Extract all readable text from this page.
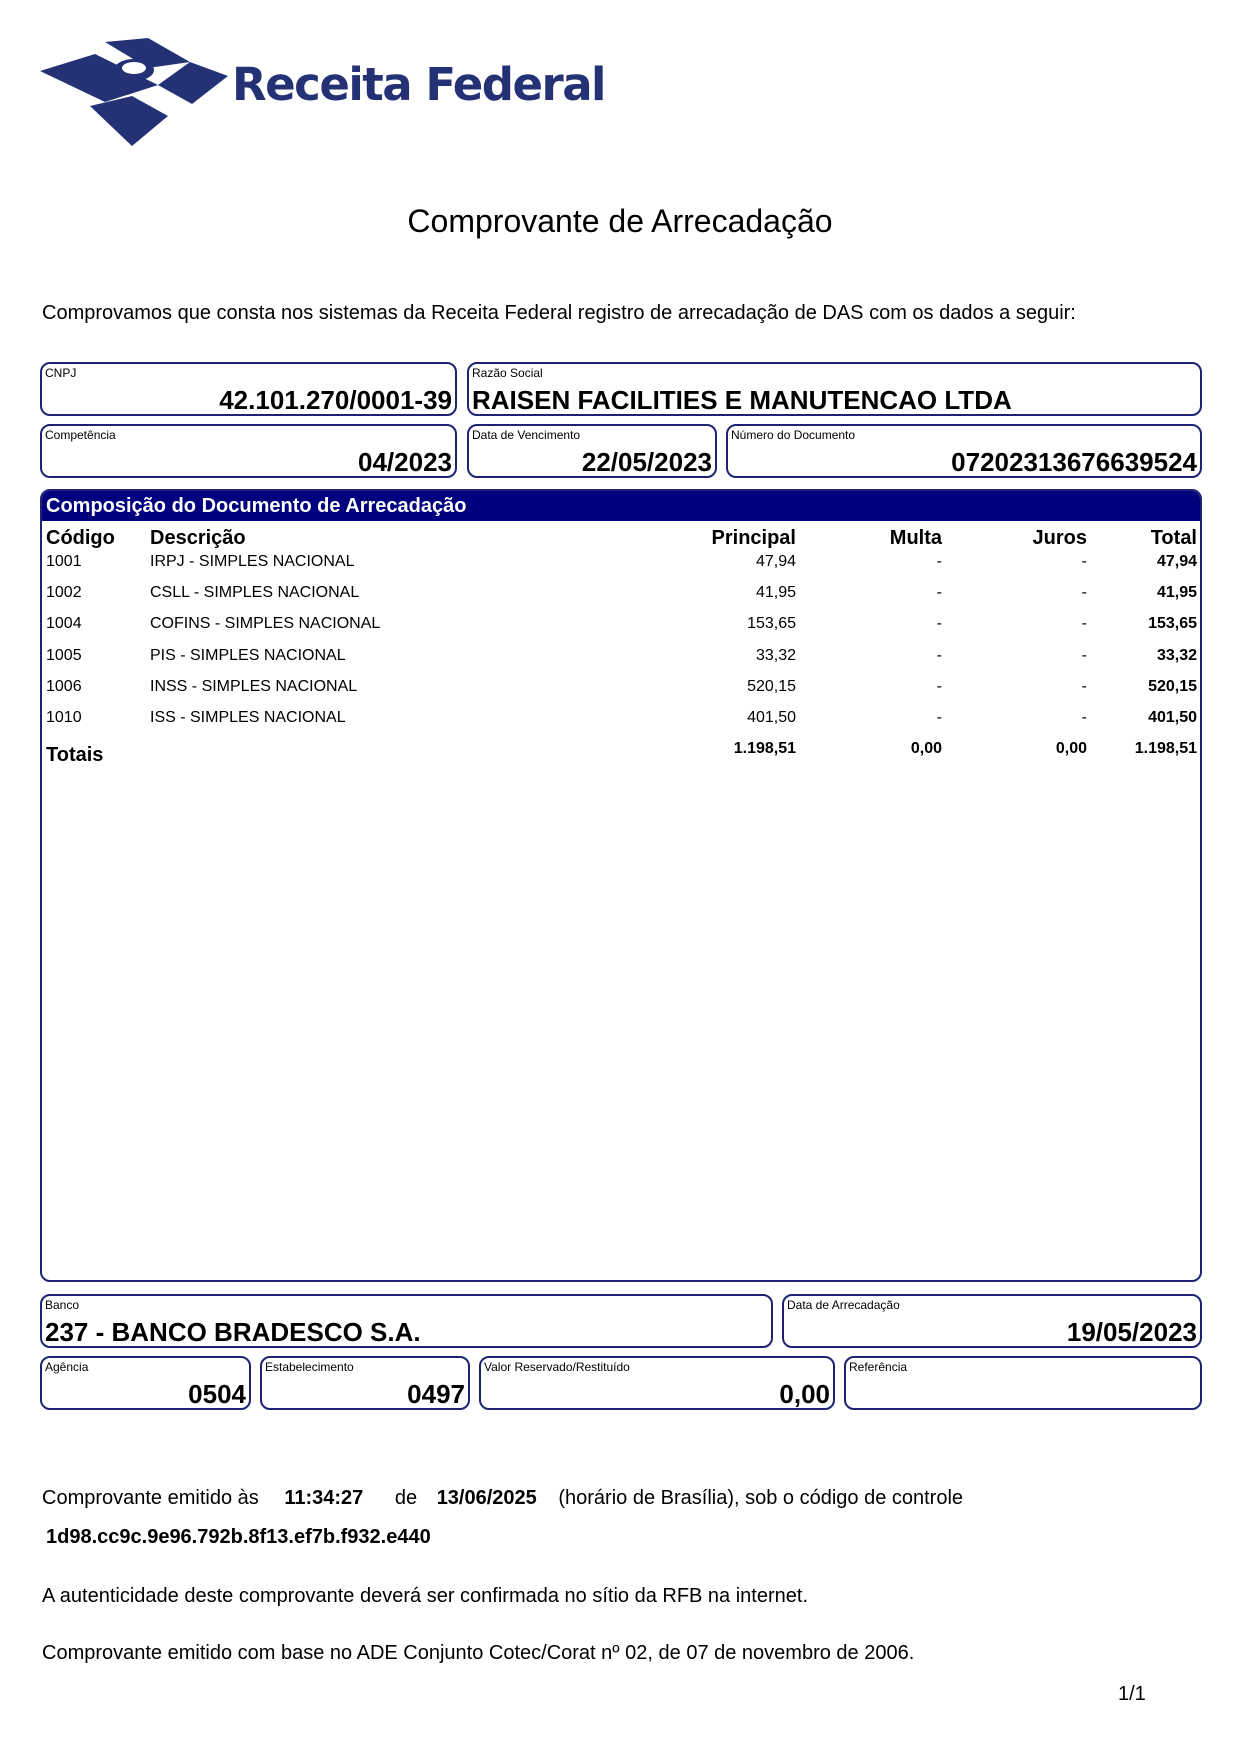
Receita Federal
Comprovante de Arrecadação
Comprovamos que consta nos sistemas da Receita Federal registro de arrecadação de DAS com os dados a seguir:
CNPJ
42.101.270/0001-39
Razão Social
RAISEN FACILITIES E MANUTENCAO LTDA
Competência
04/2023
Data de Vencimento
22/05/2023
Número do Documento
07202313676639524
Composição do Documento de Arrecadação
Código Descrição	Principal	Multa	Juros	Total
1001	IRPJ - SIMPLES NACIONAL	47,94	-	-	47,94
1002	CSLL - SIMPLES NACIONAL	41,95	-	-	41,95
1004	COFINS - SIMPLES NACIONAL	153,65	-	-	153,65
1005	PIS - SIMPLES NACIONAL	33,32	-	-	33,32
1006	INSS - SIMPLES NACIONAL	520,15	-	-	520,15
1010	ISS - SIMPLES NACIONAL	401,50	-	-	401,50
Totais	1.198,51	0,00	0,00	1.198,51
Banco
237 - BANCO BRADESCO S.A.
Data de Arrecadação
19/05/2023
Agência
0504
Estabelecimento
0497
Valor Reservado/Restituído
0,00
Referência
Comprovante emitido às 11:34:27 de 13/06/2025 (horário de Brasília), sob o código de controle
1d98.cc9c.9e96.792b.8f13.ef7b.f932.e440
A autenticidade deste comprovante deverá ser confirmada no sítio da RFB na internet.
Comprovante emitido com base no ADE Conjunto Cotec/Corat nº 02, de 07 de novembro de 2006.
1/1
